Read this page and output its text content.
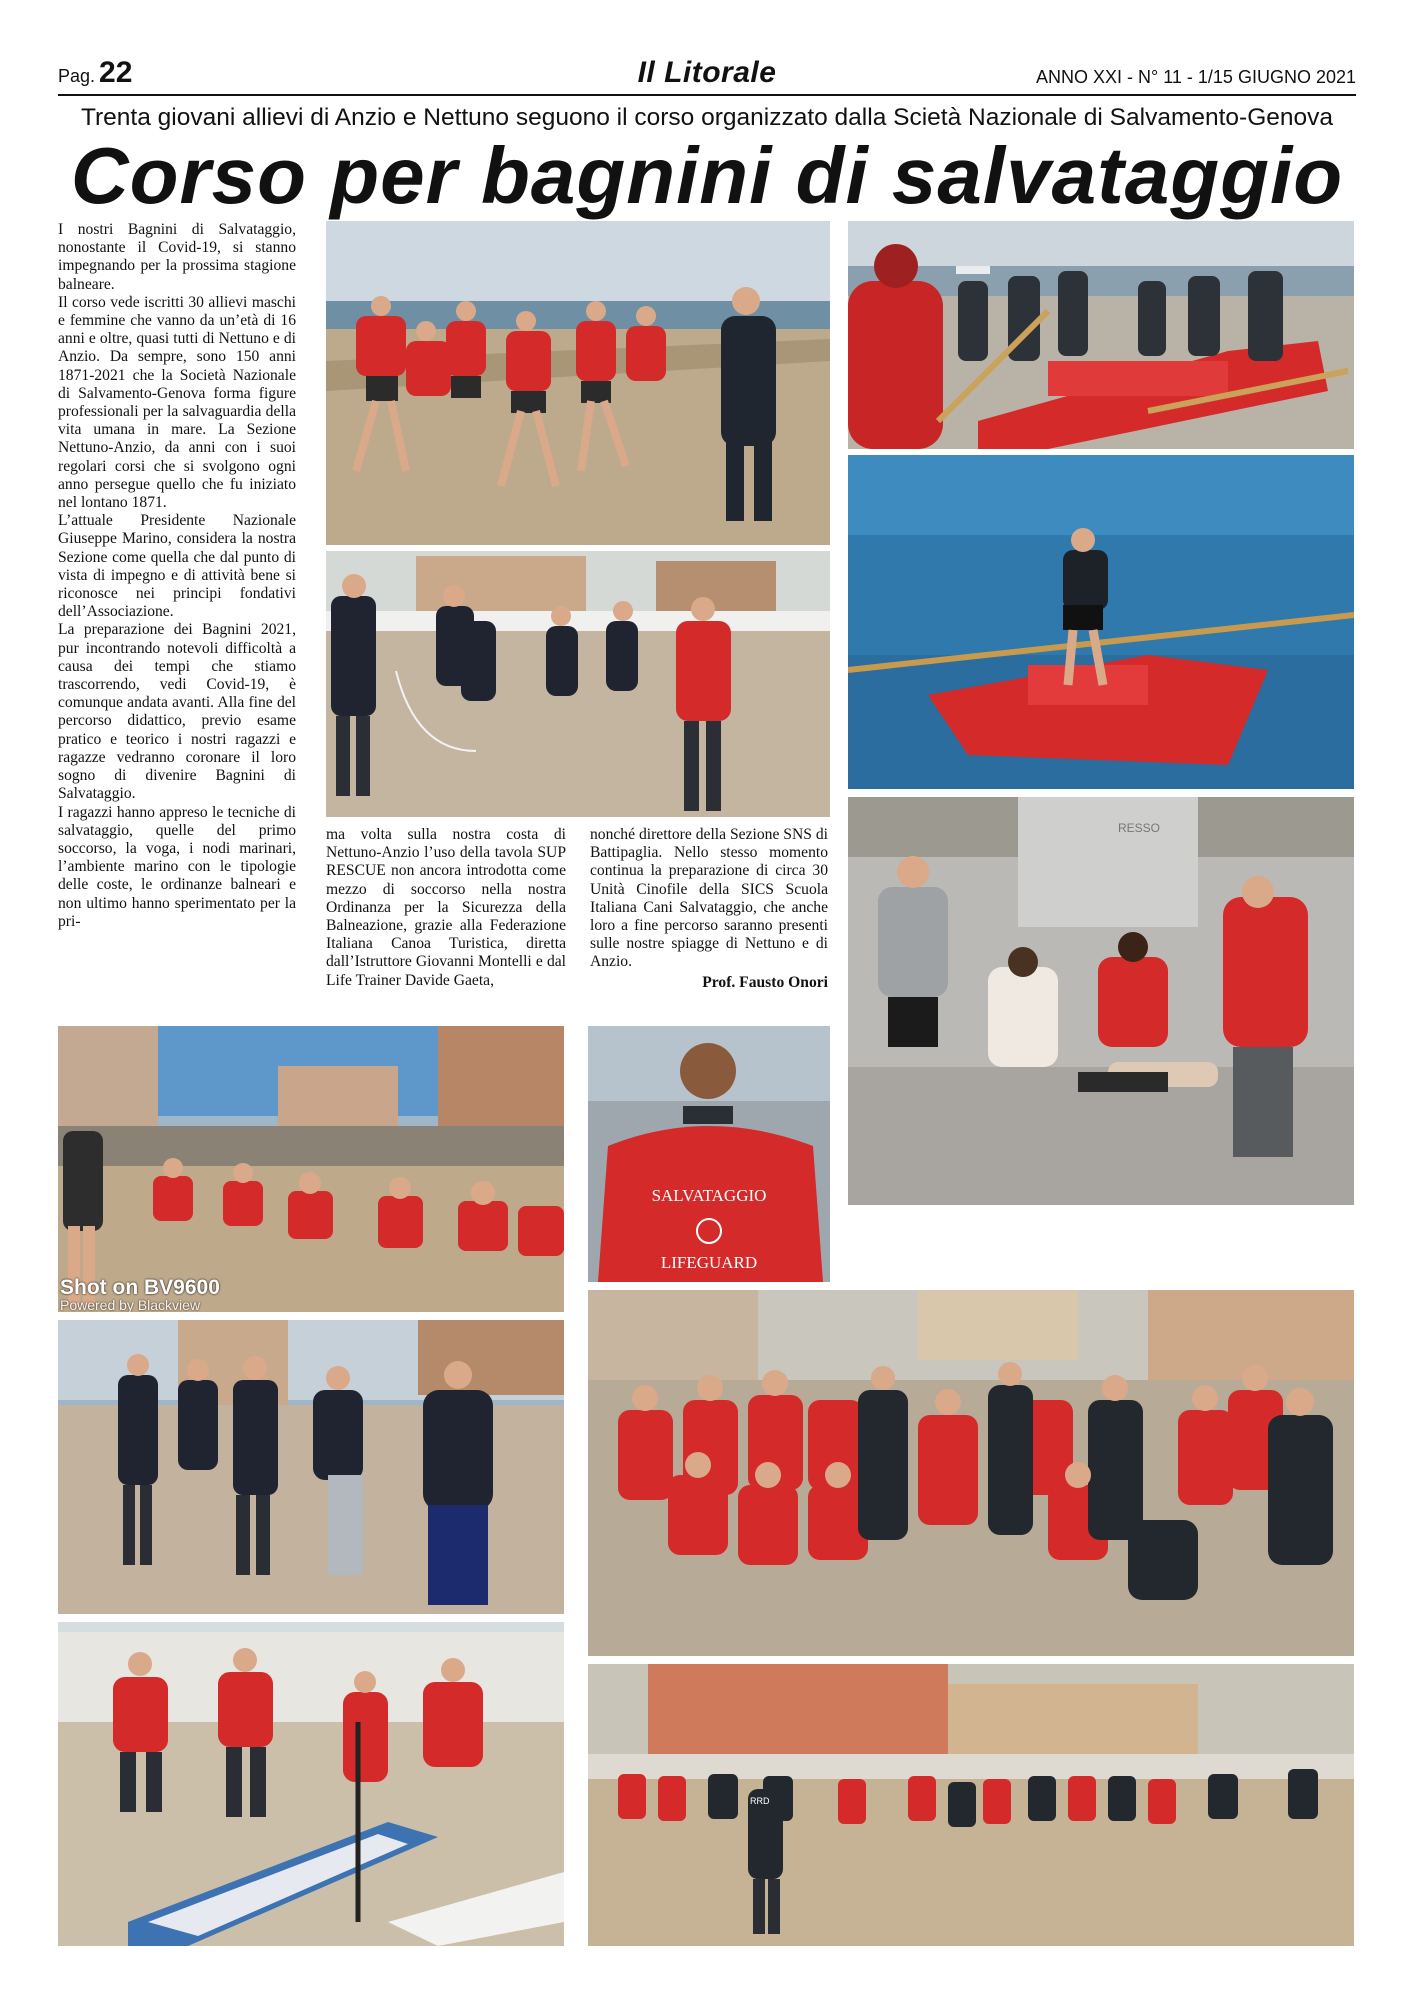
Pag. 22	Il Litorale	ANNO XXI - N° 11 - 1/15 GIUGNO 2021
Trenta giovani allievi di Anzio e Nettuno seguono il corso organizzato dalla Scietà Nazionale di Salvamento-Genova
Corso per bagnini di salvataggio

I nostri Bagnini di Salvataggio, nonostante il Covid-19, si stanno impegnando per la prossima stagione balneare.

Il corso vede iscritti 30 allievi maschi e femmine che vanno da un’età di 16 anni e oltre, quasi tutti di Nettuno e di Anzio. Da sempre, sono 150 anni 1871-2021 che la Società Nazionale di Salvamento-Genova forma figure professionali per la salvaguardia della vita umana in mare. La Sezione Nettuno-Anzio, da anni con i suoi regolari corsi che si svolgono ogni anno persegue quello che fu iniziato nel lontano 1871.

L’attuale Presidente Nazionale Giuseppe Marino, considera la nostra Sezione come quella che dal punto di vista di impegno e di attività bene si riconosce nei principi fondativi dell’Associazione.

La preparazione dei Bagnini 2021, pur incontrando notevoli difficoltà a causa dei tempi che stiamo trascorrendo, vedi Covid-19, è comunque andata avanti. Alla fine del percorso didattico, previo esame pratico e teorico i nostri ragazzi e ragazze vedranno coronare il loro sogno di divenire Bagnini di Salvataggio.

I ragazzi hanno appreso le tecniche di salvataggio, quelle del primo soccorso, la voga, i nodi marinari, l’ambiente marino con le tipologie delle coste, le ordinanze balneari e non ultimo hanno sperimentato per la pri-

ma volta sulla nostra costa di Nettuno-Anzio l’uso della tavola SUP RESCUE non ancora introdotta come mezzo di soccorso nella nostra Ordinanza per la Sicurezza della Balneazione, grazie alla Federazione Italiana Canoa Turistica, diretta dall’Istruttore Giovanni Montelli e dal Life Trainer Davide Gaeta,

nonché direttore della Sezione SNS di Battipaglia. Nello stesso momento continua la preparazione di circa 30 Unità Cinofile della SICS Scuola Italiana Cani Salvataggio, che anche loro a fine percorso saranno presenti sulle nostre spiagge di Nettuno e di Anzio.

Prof. Fausto Onori
RESSO
Shot on BV9600
Powered by Blackview
SALVATAGGIO
LIFEGUARD
RRD
